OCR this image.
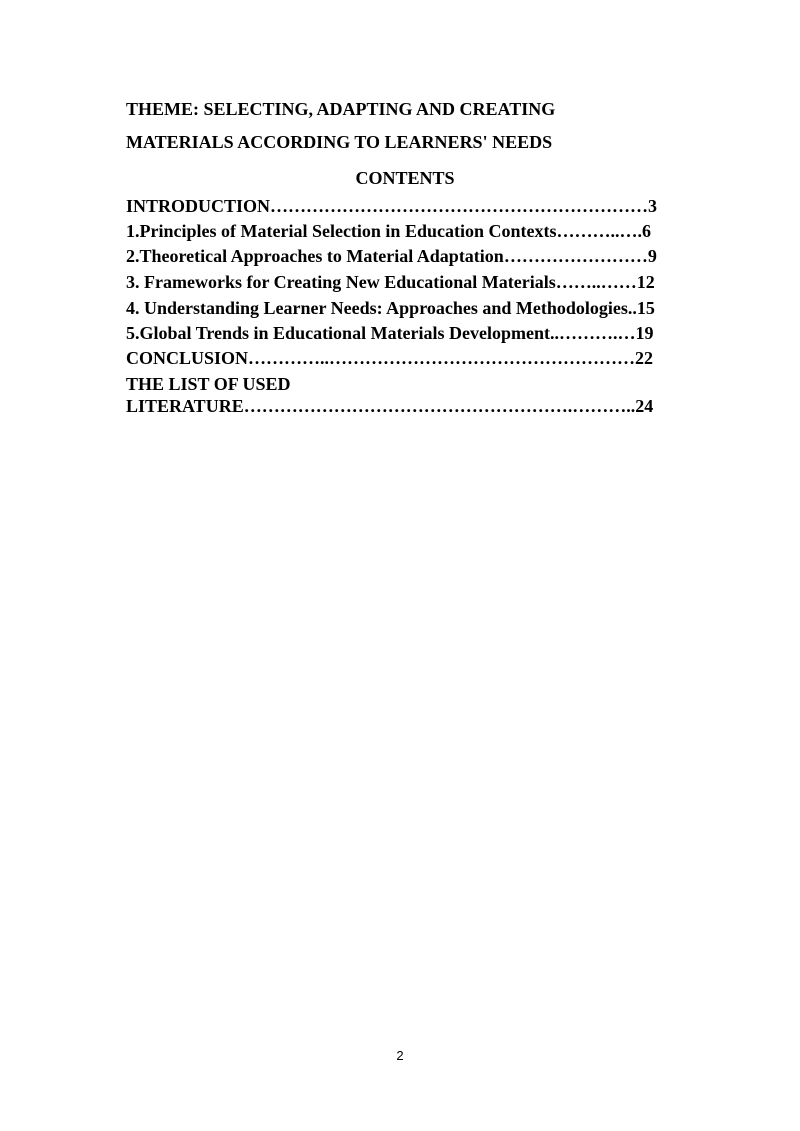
THEME: SELECTING, ADAPTING AND CREATING
MATERIALS ACCORDING TO LEARNERS' NEEDS
CONTENTS
INTRODUCTION………………………………………………………3
1.Principles of Material Selection in Education Contexts………..….6
2.Theoretical Approaches to Material Adaptation……………………9
3. Frameworks for Creating New Educational Materials……..……12
4. Understanding Learner Needs: Approaches and Methodologies..15
5.Global Trends in Educational Materials Development..……….…19
CONCLUSION…………..……………………………………………22
THE LIST OF USED
LITERATURE……………………………………………….………..24
2
